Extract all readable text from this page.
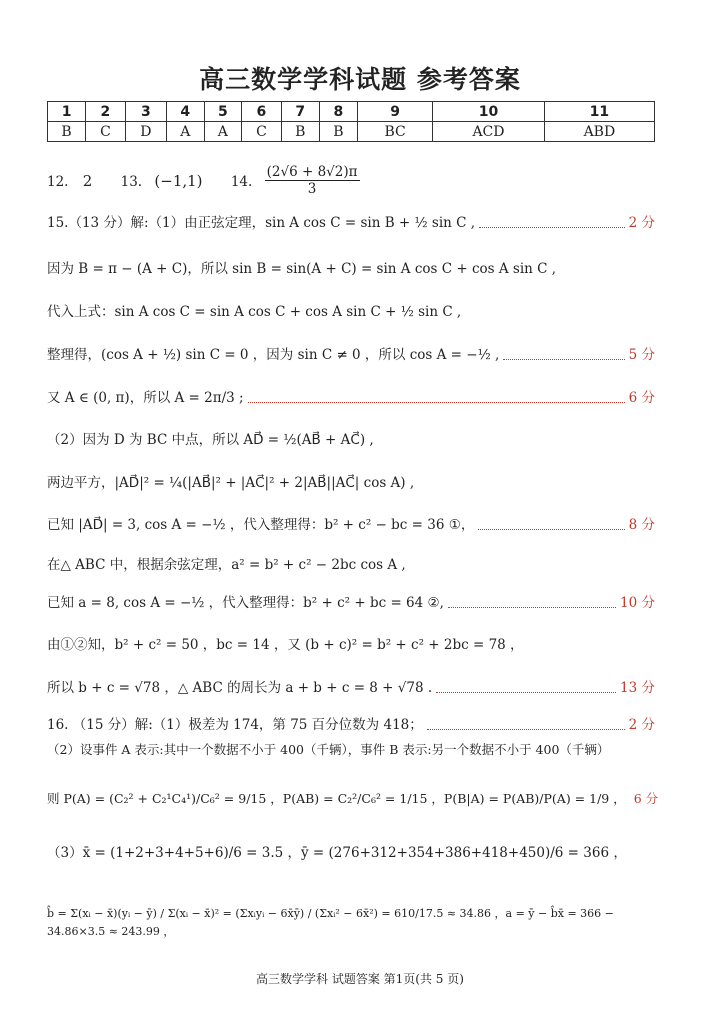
高三数学学科试题 参考答案
1	2	3	4	5	6	7	8	9	10	11
B	C	D	A	A	C	B	B	BC	ACD	ABD
12. 2 13. (−1,1) 14. $\frac{(2√6 + 8√2)\pi}{3}$
15.（13 分）解:（1）由正弦定理，sin A cos C = sin B + ½ sin C ,	2 分
因为 B = π − (A + C)，所以 sin B = sin(A + C) = sin A cos C + cos A sin C ,
代入上式：sin A cos C = sin A cos C + cos A sin C + ½ sin C ,
整理得，(cos A + ½) sin C = 0 ，因为 sin C ≠ 0 ，所以 cos A = −½ ,	5 分
又 A ∈ (0, π)，所以 A = 2π/3 ;	6 分
（2）因为 D 为 BC 中点，所以 AD⃗ = ½(AB⃗ + AC⃗) ,
两边平方，|AD⃗|² = ¼(|AB⃗|² + |AC⃗|² + 2|AB⃗||AC⃗| cos A) ,
已知 |AD⃗| = 3, cos A = −½ ，代入整理得：b² + c² − bc = 36 ①，	8 分
在△ ABC 中，根据余弦定理，a² = b² + c² − 2bc cos A ,
已知 a = 8, cos A = −½ ，代入整理得：b² + c² + bc = 64 ②,	10 分
由①②知，b² + c² = 50 ，bc = 14 ，又 (b + c)² = b² + c² + 2bc = 78 ，
所以 b + c = √78 ，△ ABC 的周长为 a + b + c = 8 + √78 .	13 分
16. （15 分）解:（1）极差为 174，第 75 百分位数为 418；	2 分
（2）设事件 A 表示:其中一个数据不小于 400（千辆），事件 B 表示:另一个数据不小于 400（千辆）
则 P(A) = (C₂² + C₂¹C₄¹)/C₆² = 9/15 ，P(AB) = C₂²/C₆² = 1/15 ，P(B|A) = P(AB)/P(A) = 1/9 ， 6 分
（3）x̄ = (1+2+3+4+5+6)/6 = 3.5 ，ȳ = (276+312+354+386+418+450)/6 = 366 ，
b̂ = Σ(xᵢ − x̄)(yᵢ − ȳ) / Σ(xᵢ − x̄)² = (Σxᵢyᵢ − 6x̄ȳ) / (Σxᵢ² − 6x̄²) = 610/17.5 ≈ 34.86 ，a = ȳ − b̂x̄ = 366 − 34.86×3.5 ≈ 243.99 ，
高三数学学科 试题答案 第1页(共 5 页)
